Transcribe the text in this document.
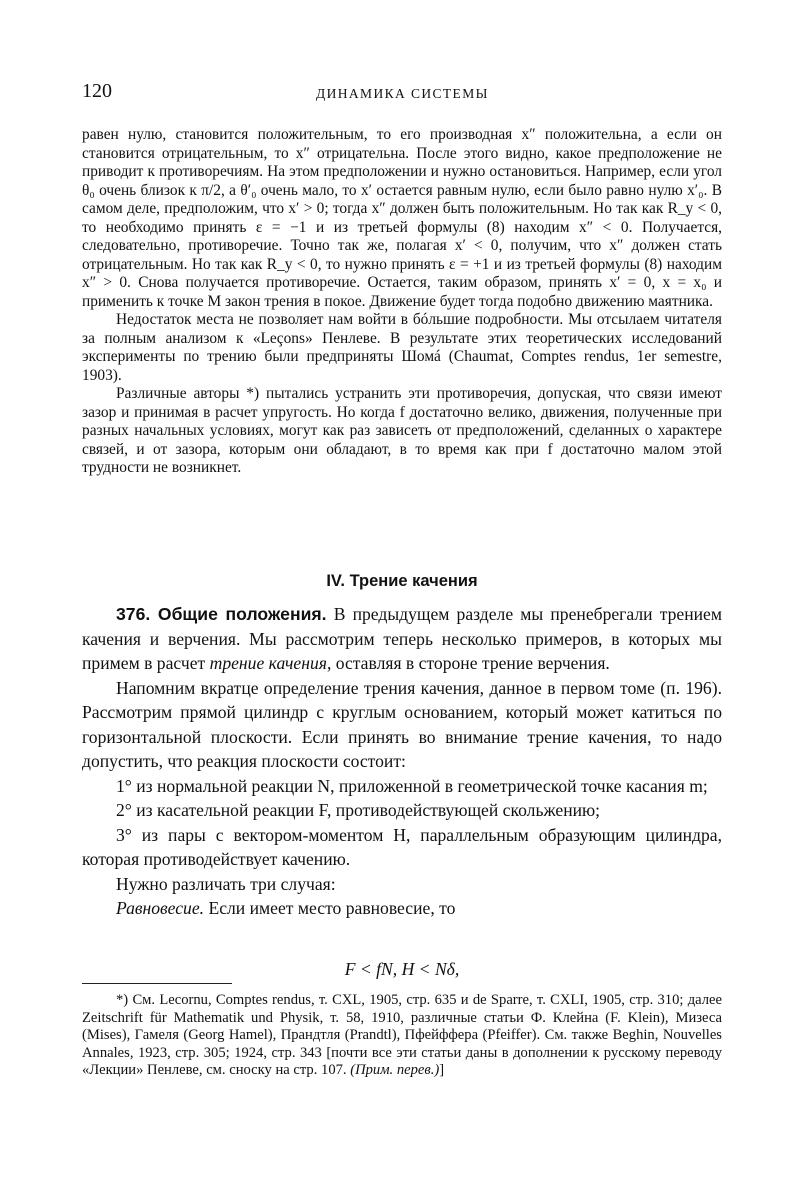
120	ДИНАМИКА СИСТЕМЫ

равен нулю, становится положительным, то его производная x″ положительна, а если он становится отрицательным, то x″ отрицательна. После этого видно, какое предположение не приводит к противоречиям. На этом предположении и нужно остановиться. Например, если угол θ₀ очень близок к π/2, а θ′₀ очень мало, то x′ остается равным нулю, если было равно нулю x′₀. В самом деле, предположим, что x′ > 0; тогда x″ должен быть положительным. Но так как R_y < 0, то необходимо принять ε = −1 и из третьей формулы (8) находим x″ < 0. Получается, следовательно, противоречие. Точно так же, полагая x′ < 0, получим, что x″ должен стать отрицательным. Но так как R_y < 0, то нужно принять ε = +1 и из третьей формулы (8) находим x″ > 0. Снова получается противоречие. Остается, таким образом, принять x′ = 0, x = x₀ и применить к точке M закон трения в покое. Движение будет тогда подобно движению маятника.

Недостаток места не позволяет нам войти в бóльшие подробности. Мы отсылаем читателя за полным анализом к «Leçons» Пенлеве. В результате этих теоретических исследований эксперименты по трению были предприняты Шомá (Chaumat, Comptes rendus, 1er semestre, 1903).

Различные авторы *) пытались устранить эти противоречия, допуская, что связи имеют зазор и принимая в расчет упругость. Но когда f достаточно велико, движения, полученные при разных начальных условиях, могут как раз зависеть от предположений, сделанных о характере связей, и от зазора, которым они обладают, в то время как при f достаточно малом этой трудности не возникнет.

IV. Трение качения

376. Общие положения. В предыдущем разделе мы пренебрегали трением качения и верчения. Мы рассмотрим теперь несколько примеров, в которых мы примем в расчет трение качения, оставляя в стороне трение верчения.

Напомним вкратце определение трения качения, данное в первом томе (п. 196). Рассмотрим прямой цилиндр с круглым основанием, который может катиться по горизонтальной плоскости. Если принять во внимание трение качения, то надо допустить, что реакция плоскости состоит:

1° из нормальной реакции N, приложенной в геометрической точке касания m;

2° из касательной реакции F, противодействующей скольжению;

3° из пары с вектором-моментом H, параллельным образующим цилиндра, которая противодействует качению.

Нужно различать три случая:

Равновесие. Если имеет место равновесие, то

F < fN, H < Nδ,

*) См. Lecornu, Comptes rendus, т. CXL, 1905, стр. 635 и de Sparre, т. CXLI, 1905, стр. 310; далее Zeitschrift für Mathematik und Physik, т. 58, 1910, различные статьи Ф. Клейна (F. Klein), Мизеса (Mises), Гамеля (Georg Hamel), Прандтля (Prandtl), Пфейффера (Pfeiffer). См. также Beghin, Nouvelles Annales, 1923, стр. 305; 1924, стр. 343 [почти все эти статьи даны в дополнении к русскому переводу «Лекции» Пенлеве, см. сноску на стр. 107. (Прим. перев.)]
